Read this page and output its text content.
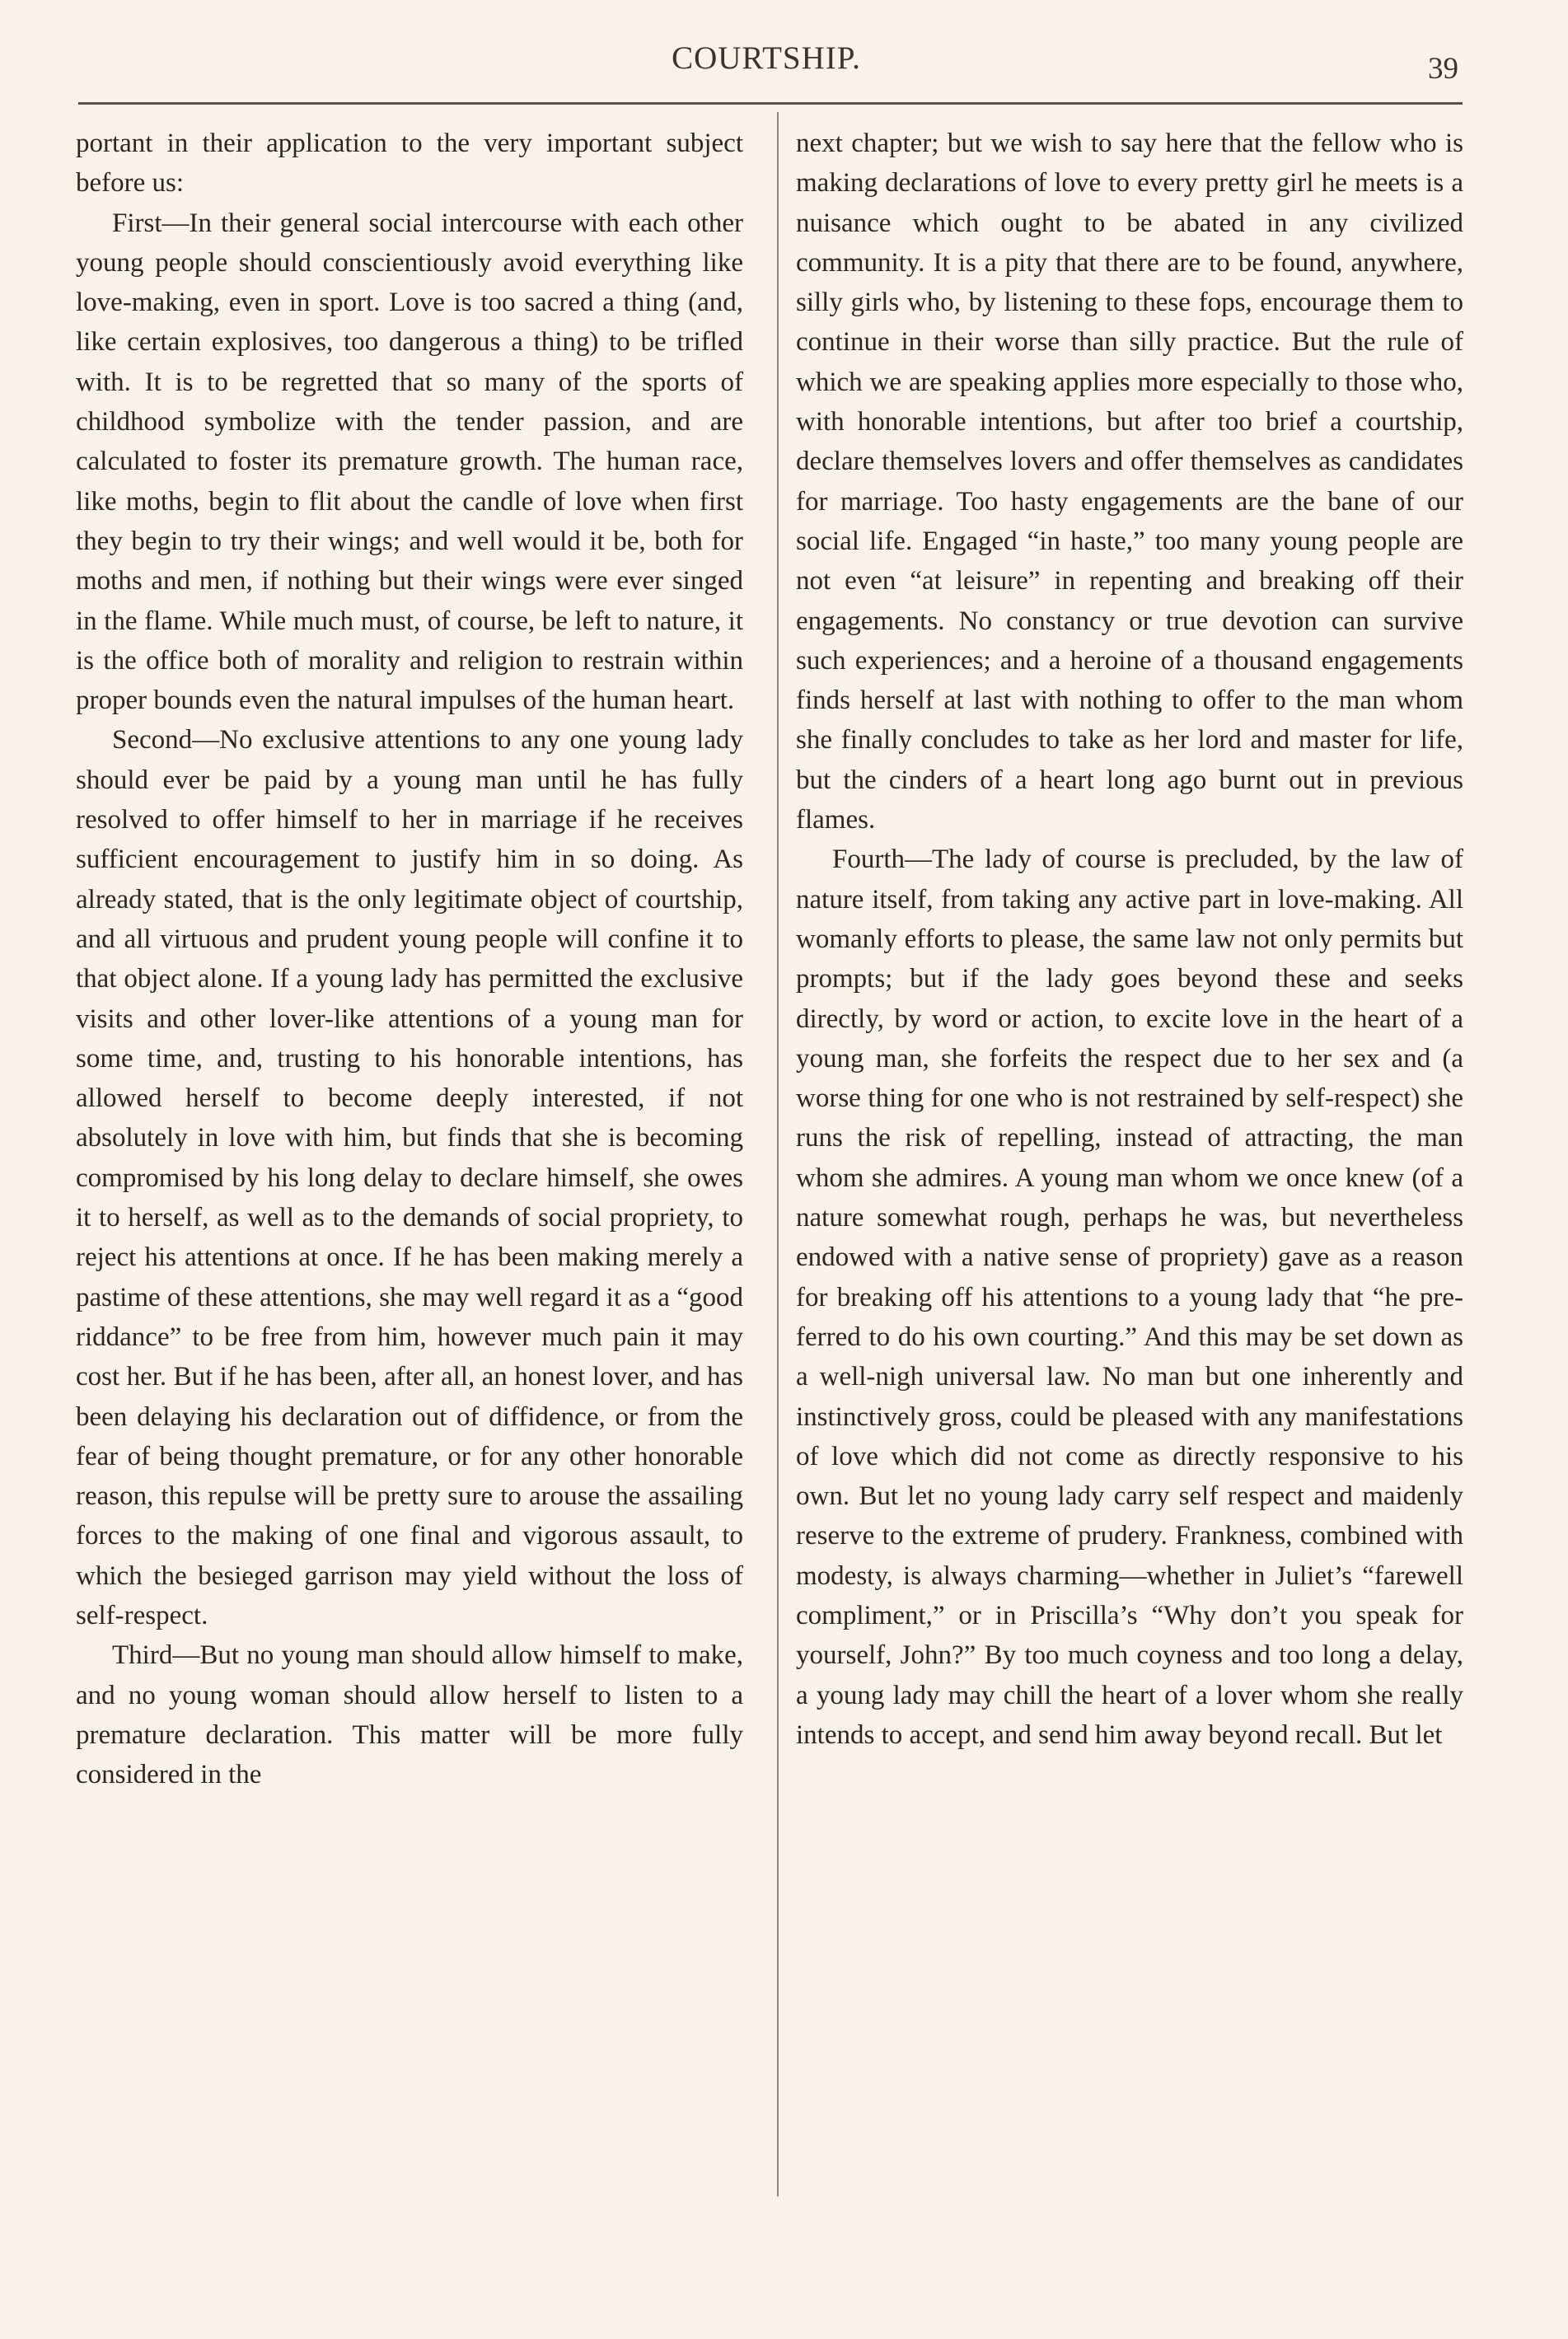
COURTSHIP.	39

portant in their application to the very important subject before us:

First—In their general social intercourse with each other young people should conscientiously avoid everything like love-making, even in sport. Love is too sacred a thing (and, like certain explosives, too dangerous a thing) to be trifled with. It is to be regretted that so many of the sports of childhood symbolize with the tender passion, and are calculated to foster its premature growth. The human race, like moths, begin to flit about the candle of love when first they begin to try their wings; and well would it be, both for moths and men, if nothing but their wings were ever singed in the flame. While much must, of course, be left to nature, it is the office both of morality and religion to restrain within proper bounds even the natural impulses of the human heart.

Second—No exclusive attentions to any one young lady should ever be paid by a young man until he has fully resolved to offer himself to her in marriage if he receives sufficient encouragement to justify him in so doing. As already stated, that is the only legitimate object of courtship, and all virtuous and prudent young people will confine it to that object alone. If a young lady has permitted the exclusive visits and other lover-like attentions of a young man for some time, and, trusting to his honorable intentions, has allowed herself to become deeply interested, if not absolutely in love with him, but finds that she is becoming compromised by his long delay to declare himself, she owes it to herself, as well as to the demands of social propriety, to reject his attentions at once. If he has been making merely a pastime of these attentions, she may well regard it as a “good riddance” to be free from him, however much pain it may cost her. But if he has been, after all, an honest lover, and has been delaying his declaration out of diffidence, or from the fear of being thought premature, or for any other honorable reason, this repulse will be pretty sure to arouse the assailing forces to the making of one final and vigorous assault, to which the besieged garrison may yield without the loss of self-respect.

Third—But no young man should allow himself to make, and no young woman should allow herself to listen to a premature declaration. This matter will be more fully considered in the

next chapter; but we wish to say here that the fellow who is making declarations of love to every pretty girl he meets is a nuisance which ought to be abated in any civilized community. It is a pity that there are to be found, anywhere, silly girls who, by listening to these fops, encourage them to continue in their worse than silly practice. But the rule of which we are speaking applies more especially to those who, with honorable intentions, but after too brief a courtship, declare themselves lovers and offer themselves as candidates for marriage. Too hasty engagements are the bane of our social life. Engaged “in haste,” too many young people are not even “at leisure” in repenting and breaking off their engagements. No constancy or true devotion can survive such experiences; and a heroine of a thousand engagements finds herself at last with nothing to offer to the man whom she finally concludes to take as her lord and master for life, but the cinders of a heart long ago burnt out in previous flames.

Fourth—The lady of course is precluded, by the law of nature itself, from taking any active part in love-making. All womanly efforts to please, the same law not only permits but prompts; but if the lady goes beyond these and seeks directly, by word or action, to excite love in the heart of a young man, she forfeits the respect due to her sex and (a worse thing for one who is not restrained by self-respect) she runs the risk of repelling, instead of attracting, the man whom she admires. A young man whom we once knew (of a nature somewhat rough, perhaps he was, but nevertheless endowed with a native sense of propriety) gave as a reason for breaking off his attentions to a young lady that “he preferred to do his own courting.” And this may be set down as a well-nigh universal law. No man but one inherently and instinctively gross, could be pleased with any manifestations of love which did not come as directly responsive to his own. But let no young lady carry self respect and maidenly reserve to the extreme of prudery. Frankness, combined with modesty, is always charming—whether in Juliet’s “farewell compliment,” or in Priscilla’s “Why don’t you speak for yourself, John?” By too much coyness and too long a delay, a young lady may chill the heart of a lover whom she really intends to accept, and send him away beyond recall. But let
